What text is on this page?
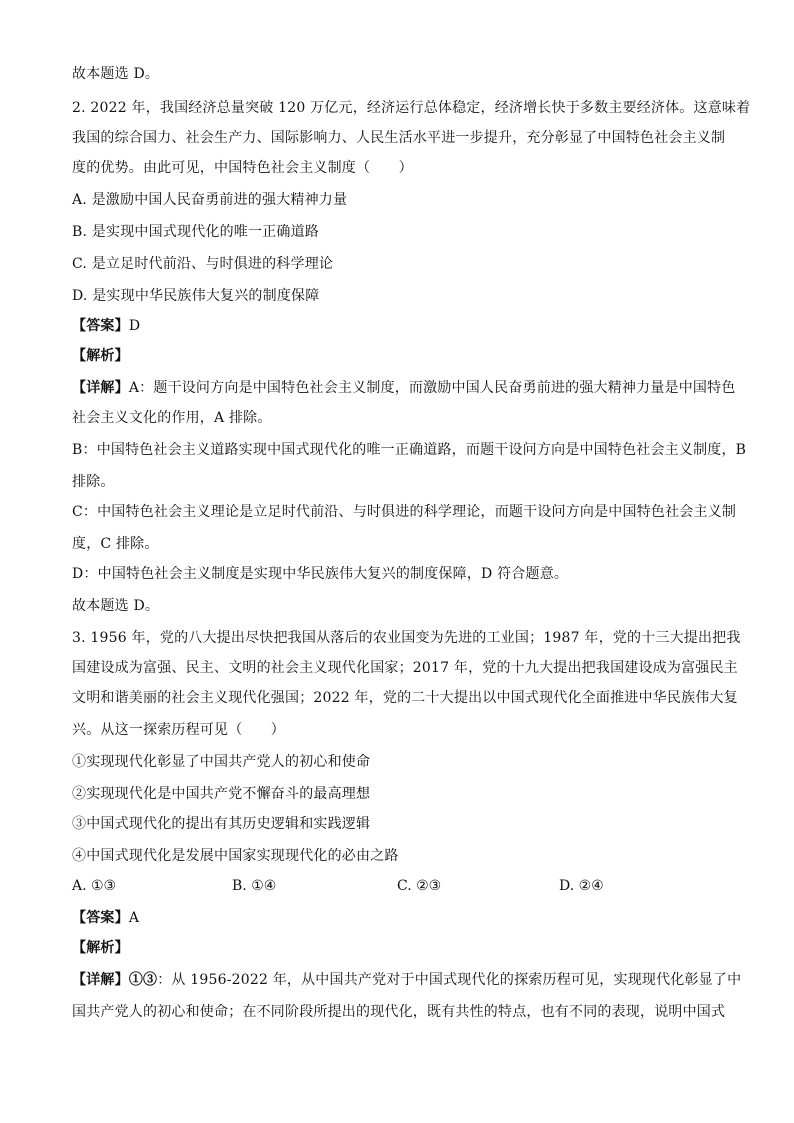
故本题选 D。
2. 2022 年，我国经济总量突破 120 万亿元，经济运行总体稳定，经济增长快于多数主要经济体。这意味着
我国的综合国力、社会生产力、国际影响力、人民生活水平进一步提升，充分彰显了中国特色社会主义制
度的优势。由此可见，中国特色社会主义制度（　　）
A. 是激励中国人民奋勇前进的强大精神力量
B. 是实现中国式现代化的唯一正确道路
C. 是立足时代前沿、与时俱进的科学理论
D. 是实现中华民族伟大复兴的制度保障
【答案】D
【解析】
【详解】A：题干设问方向是中国特色社会主义制度，而激励中国人民奋勇前进的强大精神力量是中国特色
社会主义文化的作用，A 排除。
B：中国特色社会主义道路实现中国式现代化的唯一正确道路，而题干设问方向是中国特色社会主义制度，B
排除。
C：中国特色社会主义理论是立足时代前沿、与时俱进的科学理论，而题干设问方向是中国特色社会主义制
度，C 排除。
D：中国特色社会主义制度是实现中华民族伟大复兴的制度保障，D 符合题意。
故本题选 D。
3. 1956 年，党的八大提出尽快把我国从落后的农业国变为先进的工业国；1987 年，党的十三大提出把我
国建设成为富强、民主、文明的社会主义现代化国家；2017 年，党的十九大提出把我国建设成为富强民主
文明和谐美丽的社会主义现代化强国；2022 年，党的二十大提出以中国式现代化全面推进中华民族伟大复
兴。从这一探索历程可见（　　）
①实现现代化彰显了中国共产党人的初心和使命
②实现现代化是中国共产党不懈奋斗的最高理想
③中国式现代化的提出有其历史逻辑和实践逻辑
④中国式现代化是发展中国家实现现代化的必由之路
A. ①③	B. ①④	C. ②③	D. ②④
【答案】A
【解析】
【详解】①③：从 1956-2022 年，从中国共产党对于中国式现代化的探索历程可见，实现现代化彰显了中
国共产党人的初心和使命；在不同阶段所提出的现代化，既有共性的特点，也有不同的表现，说明中国式
